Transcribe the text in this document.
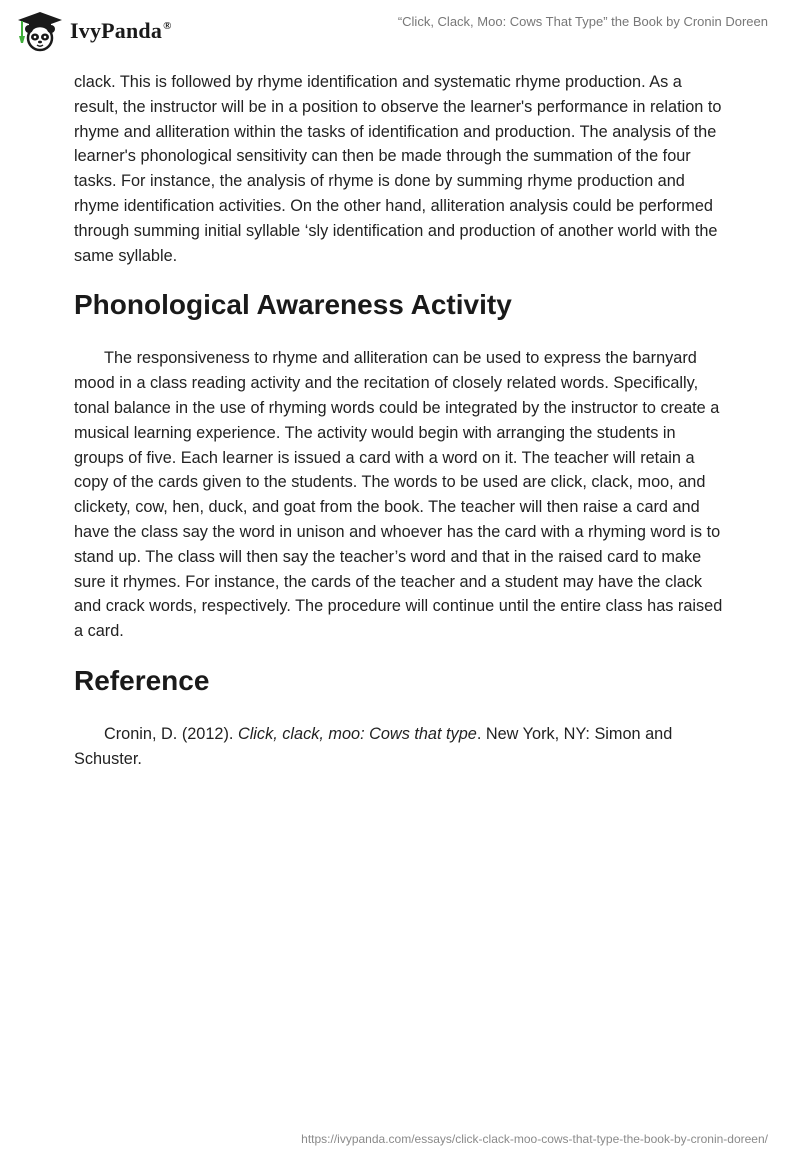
IvyPanda®	“Click, Clack, Moo: Cows That Type” the Book by Cronin Doreen

clack. This is followed by rhyme identification and systematic rhyme production. As a result, the instructor will be in a position to observe the learner's performance in relation to rhyme and alliteration within the tasks of identification and production. The analysis of the learner's phonological sensitivity can then be made through the summation of the four tasks. For instance, the analysis of rhyme is done by summing rhyme production and rhyme identification activities. On the other hand, alliteration analysis could be performed through summing initial syllable ‘sly identification and production of another world with the same syllable.

Phonological Awareness Activity

The responsiveness to rhyme and alliteration can be used to express the barnyard mood in a class reading activity and the recitation of closely related words. Specifically, tonal balance in the use of rhyming words could be integrated by the instructor to create a musical learning experience. The activity would begin with arranging the students in groups of five. Each learner is issued a card with a word on it. The teacher will retain a copy of the cards given to the students. The words to be used are click, clack, moo, and clickety, cow, hen, duck, and goat from the book. The teacher will then raise a card and have the class say the word in unison and whoever has the card with a rhyming word is to stand up. The class will then say the teacher’s word and that in the raised card to make sure it rhymes. For instance, the cards of the teacher and a student may have the clack and crack words, respectively. The procedure will continue until the entire class has raised a card.

Reference

Cronin, D. (2012). Click, clack, moo: Cows that type. New York, NY: Simon and Schuster.

https://ivypanda.com/essays/click-clack-moo-cows-that-type-the-book-by-cronin-doreen/
